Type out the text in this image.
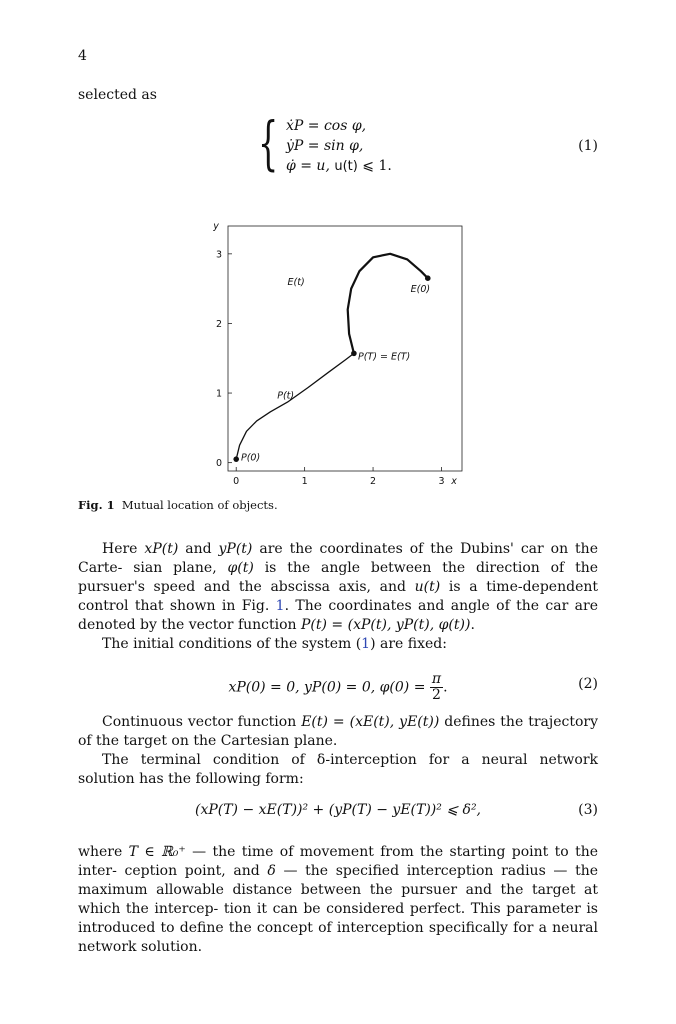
4
selected as
{ ẋP = cos φ,
ẏP = sin φ,
φ̇ = u, u(t) ⩽ 1.
(1)
0	1	2	3
0
1
2
3
x
y
P(0)
E(0)
E(t)
P(t)
P(T) = E(T)
Fig. 1 Mutual location of objects.

Here xP(t) and yP(t) are the coordinates of the Dubins' car on the Carte- sian plane, φ(t) is the angle between the direction of the pursuer's speed and the abscissa axis, and u(t) is a time-dependent control that shown in Fig. 1. The coordinates and angle of the car are denoted by the vector function P(t) = (xP(t), yP(t), φ(t)).

The initial conditions of the system (1) are fixed:

xP(0) = 0, yP(0) = 0, $\varphi(0) = \frac{\pi}{2}$ .	(2)

Continuous vector function E(t) = (xE(t), yE(t)) defines the trajectory of the target on the Cartesian plane.

The terminal condition of δ-interception for a neural network solution has the following form:

(xP(T) − xE(T))² + (yP(T) − yE(T))² ⩽ δ²,	(3)

where T ∈ ℝ₀⁺ — the time of movement from the starting point to the inter- ception point, and δ — the specified interception radius — the maximum allowable distance between the pursuer and the target at which the intercep- tion it can be considered perfect. This parameter is introduced to define the concept of interception specifically for a neural network solution.
